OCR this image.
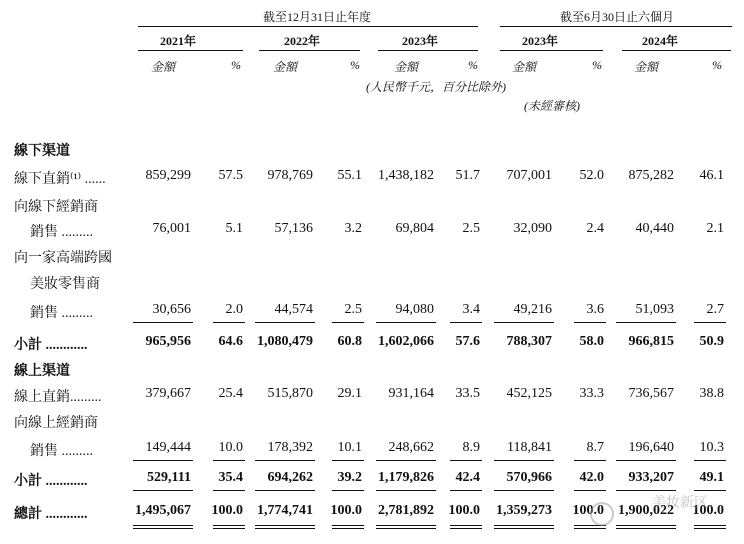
截至12月31日止年度	截至6月30日止六個月
2021年	2022年	2023年	2023年	2024年
金額	%	金額	%	金額	%	金額	%	金額	%
(人民幣千元，百分比除外)
(未經審核)
線下渠道
線下直銷⁽¹⁾ ......	859,299	57.5	978,769	55.1	1,438,182	51.7	707,001	52.0	875,282	46.1
向線下經銷商
銷售 .........	76,001	5.1	57,136	3.2	69,804	2.5	32,090	2.4	40,440	2.1
向一家高端跨國
美妝零售商
銷售 .........	30,656	2.0	44,574	2.5	94,080	3.4	49,216	3.6	51,093	2.7
小計 ............	965,956	64.6	1,080,479	60.8	1,602,066	57.6	788,307	58.0	966,815	50.9
線上渠道
線上直銷.........	379,667	25.4	515,870	29.1	931,164	33.5	452,125	33.3	736,567	38.8
向線上經銷商
銷售 .........	149,444	10.0	178,392	10.1	248,662	8.9	118,841	8.7	196,640	10.3
小計 ............	529,111	35.4	694,262	39.2	1,179,826	42.4	570,966	42.0	933,207	49.1
總計 ............	1,495,067	100.0	1,774,741	100.0	2,781,892	100.0	1,359,273	100.0	1,900,022	100.0
美妆新区
